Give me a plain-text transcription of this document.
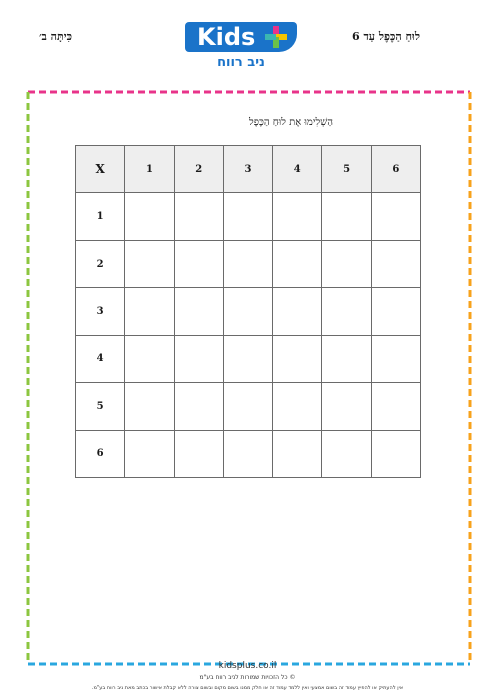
כִּיתָּה ב׳	לוּחַ הַכֶּפֶל עַד 6
Kids
ניב רווח
הַשְׁלִימוּ אֶת לוּחַ הַכֶּפֶל
X	1	2	3	4	5	6
1						
2						
3						
4						
5						
6						
kidsplus.co.il
© כל הזכויות שמורות לניב רווח בע"מ
אין להעתיק או להפיץ עמוד זה בשום אמצעי ואין ללמד עמוד זה או חלק ממנו בשום מקום ובשום צורה ללא קבלת אישור בכתב מאת ניב רווח בע"מ.
